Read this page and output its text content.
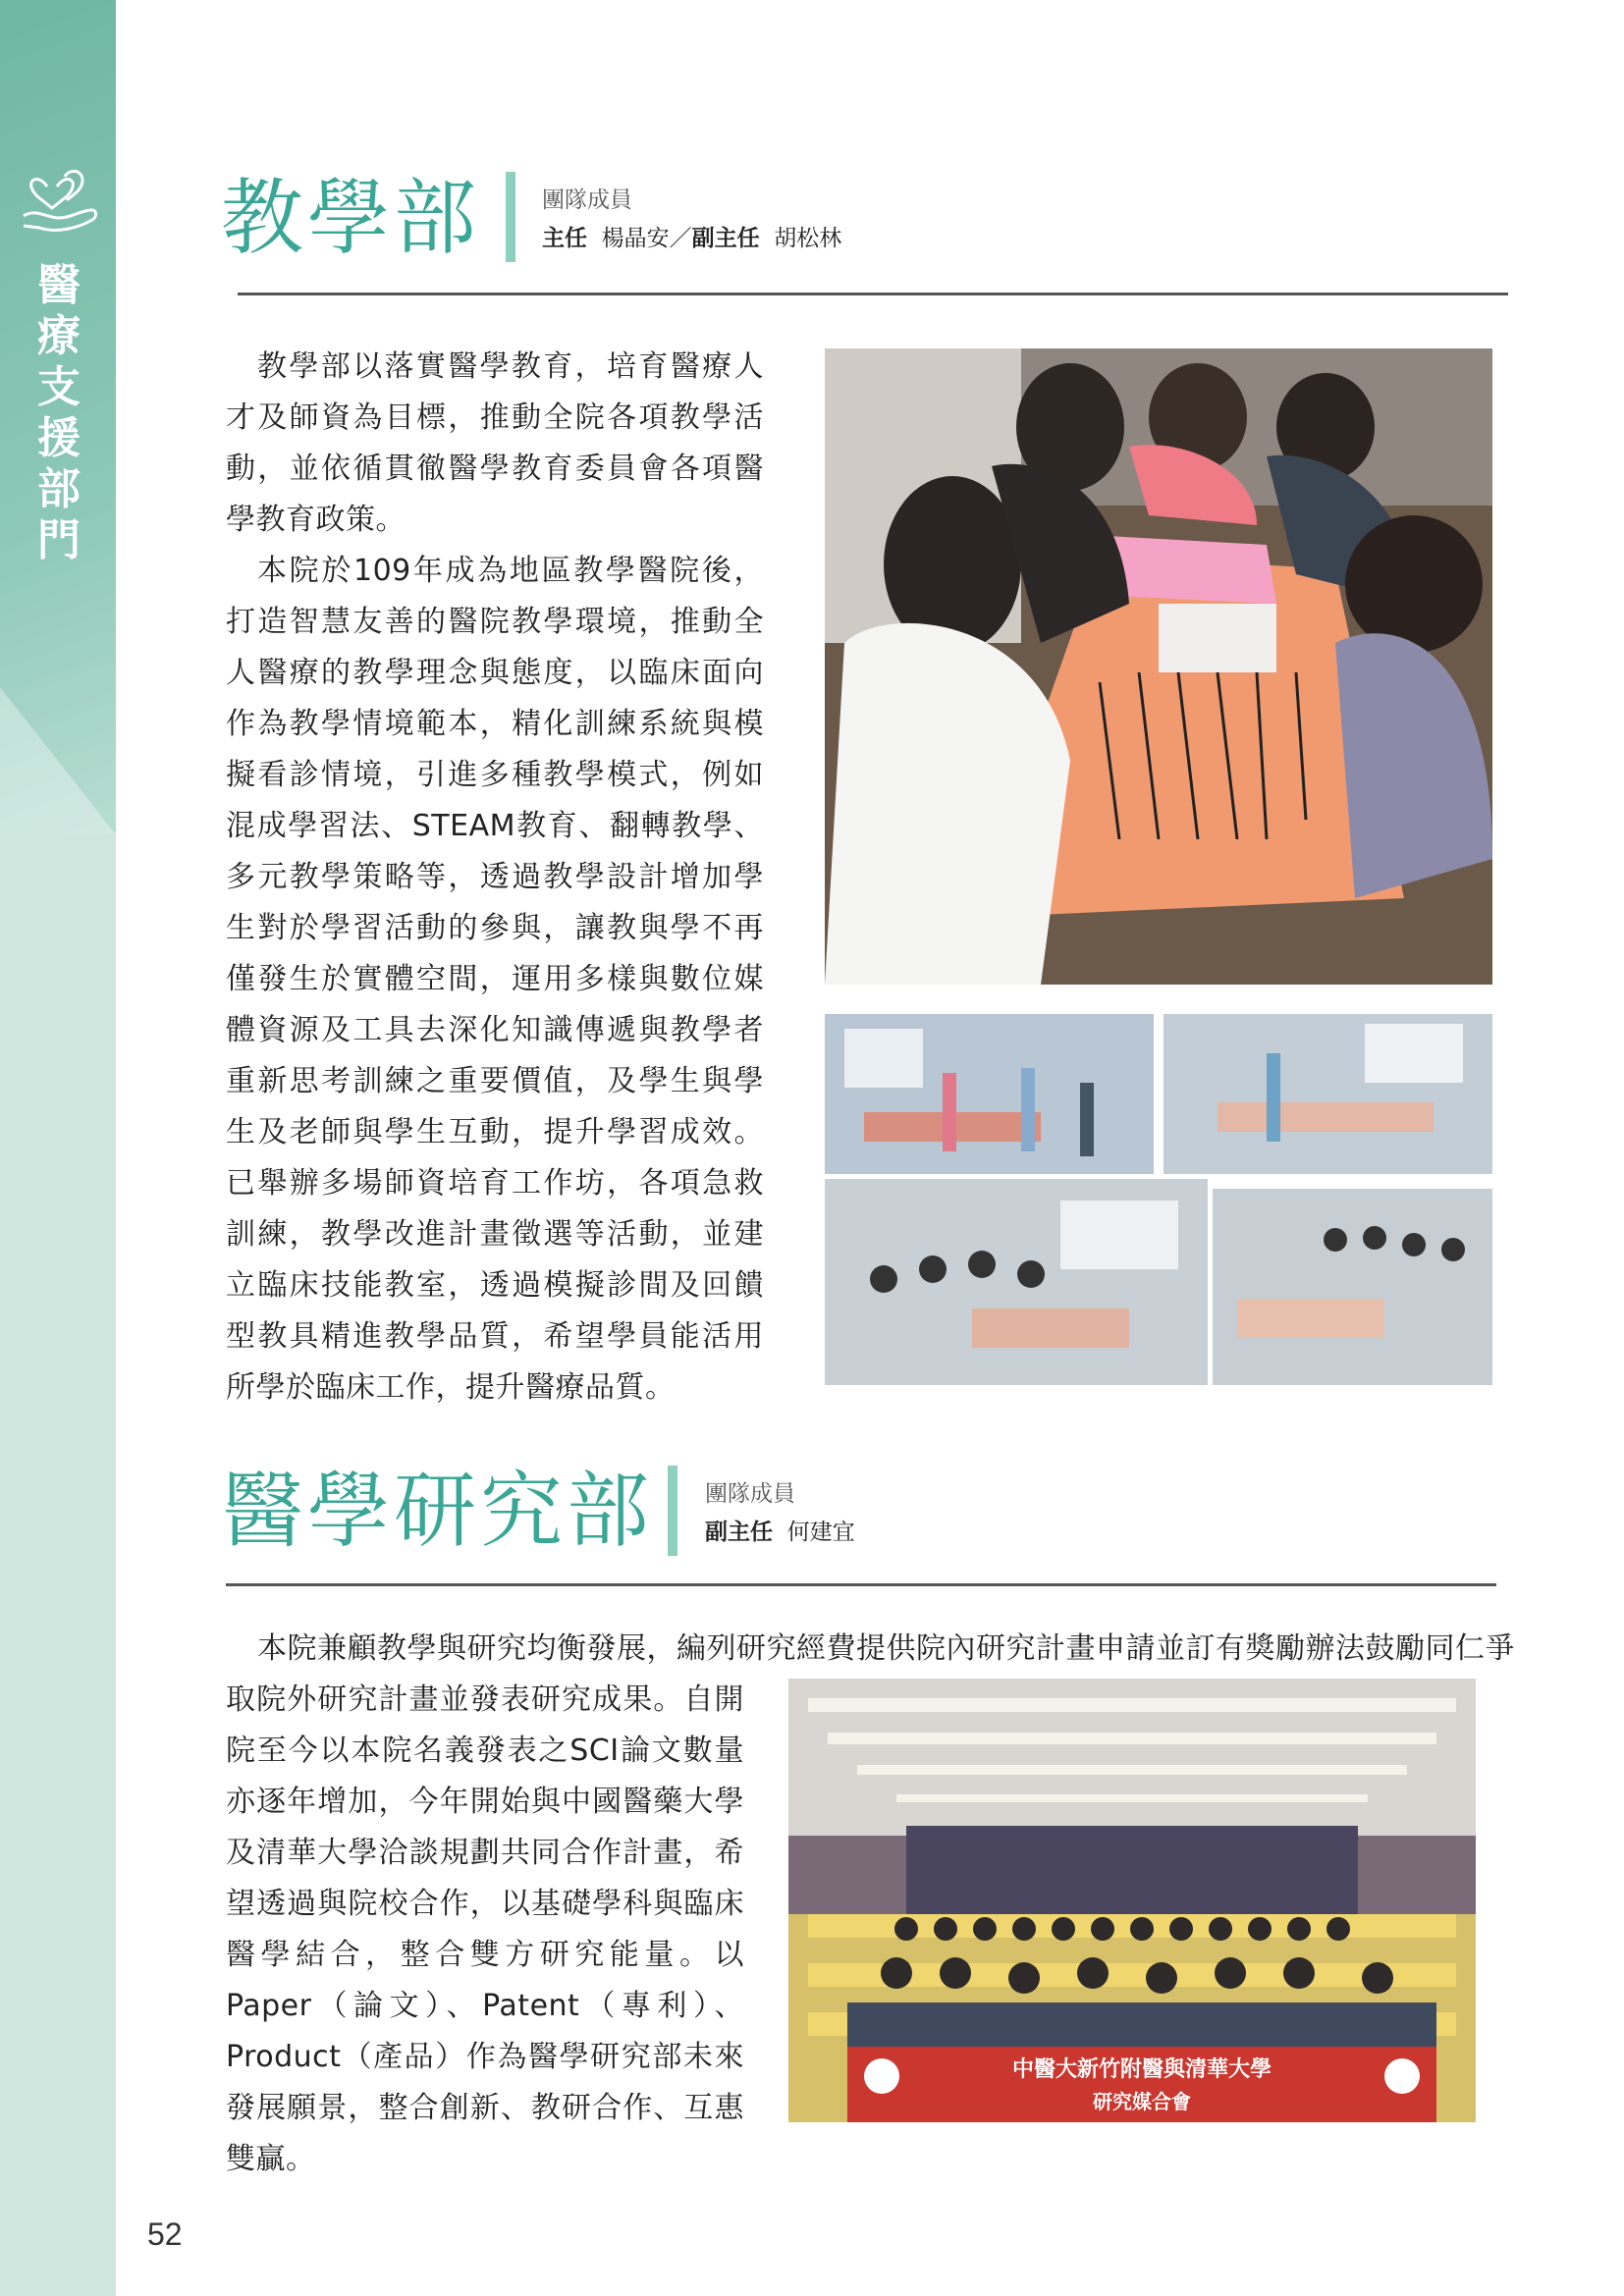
醫
療
支
援
部
門
教學部	團隊成員
主任 楊晶安／副主任 胡松林

教學部以落實醫學教育，培育醫療人才及師資為目標，推動全院各項教學活動，並依循貫徹醫學教育委員會各項醫學教育政策。

本院於109年成為地區教學醫院後，打造智慧友善的醫院教學環境，推動全人醫療的教學理念與態度，以臨床面向作為教學情境範本，精化訓練系統與模擬看診情境，引進多種教學模式，例如混成學習法、STEAM教育、翻轉教學、多元教學策略等，透過教學設計增加學生對於學習活動的參與，讓教與學不再僅發生於實體空間，運用多樣與數位媒體資源及工具去深化知識傳遞與教學者重新思考訓練之重要價值，及學生與學生及老師與學生互動，提升學習成效。已舉辦多場師資培育工作坊，各項急救訓練，教學改進計畫徵選等活動，並建立臨床技能教室，透過模擬診間及回饋型教具精進教學品質，希望學員能活用所學於臨床工作，提升醫療品質。

醫學研究部 團隊成員
副主任 何建宜

本院兼顧教學與研究均衡發展，編列研究經費提供院內研究計畫申請並訂有獎勵辦法鼓勵同仁爭

取院外研究計畫並發表研究成果。自開院至今以本院名義發表之SCI論文數量亦逐年增加，今年開始與中國醫藥大學及清華大學洽談規劃共同合作計畫，希望透過與院校合作，以基礎學科與臨床醫學結合，整合雙方研究能量。以Paper（論文）、Patent（專利）、Product（產品）作為醫學研究部未來發展願景，整合創新、教研合作、互惠雙贏。

中醫大新竹附醫與清華大學
研究媒合會
52
